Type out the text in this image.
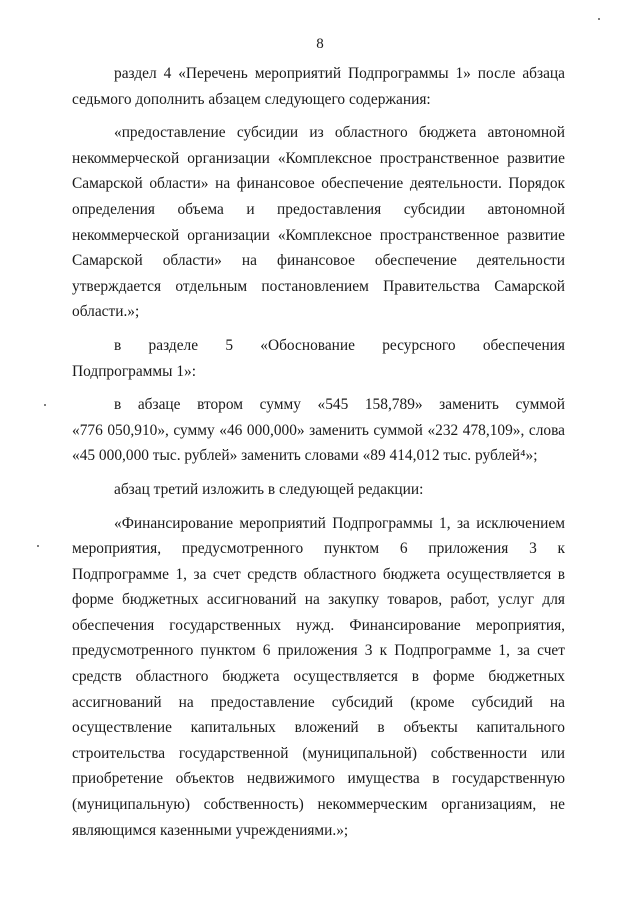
8
раздел 4 «Перечень мероприятий Подпрограммы 1» после абзаца
седьмого дополнить абзацем следующего содержания:
«предоставление субсидии из областного бюджета автономной
некоммерческой организации «Комплексное пространственное развитие
Самарской области» на финансовое обеспечение деятельности. Порядок
определения объема и предоставления субсидии автономной
некоммерческой организации «Комплексное пространственное развитие
Самарской области» на финансовое обеспечение деятельности
утверждается отдельным постановлением Правительства Самарской
области.»;
в разделе 5 «Обоснование ресурсного обеспечения
Подпрограммы 1»:
в абзаце втором сумму «545 158,789» заменить суммой
«776 050,910», сумму «46 000,000» заменить суммой «232 478,109», слова
«45 000,000 тыс. рублей» заменить словами «89 414,012 тыс. рублей⁴»;
абзац третий изложить в следующей редакции:
«Финансирование мероприятий Подпрограммы 1, за исключением
мероприятия, предусмотренного пунктом 6 приложения 3 к
Подпрограмме 1, за счет средств областного бюджета осуществляется в
форме бюджетных ассигнований на закупку товаров, работ, услуг для
обеспечения государственных нужд. Финансирование мероприятия,
предусмотренного пунктом 6 приложения 3 к Подпрограмме 1, за счет
средств областного бюджета осуществляется в форме бюджетных
ассигнований на предоставление субсидий (кроме субсидий на
осуществление капитальных вложений в объекты капитального
строительства государственной (муниципальной) собственности или
приобретение объектов недвижимого имущества в государственную
(муниципальную) собственность) некоммерческим организациям, не
являющимся казенными учреждениями.»;
